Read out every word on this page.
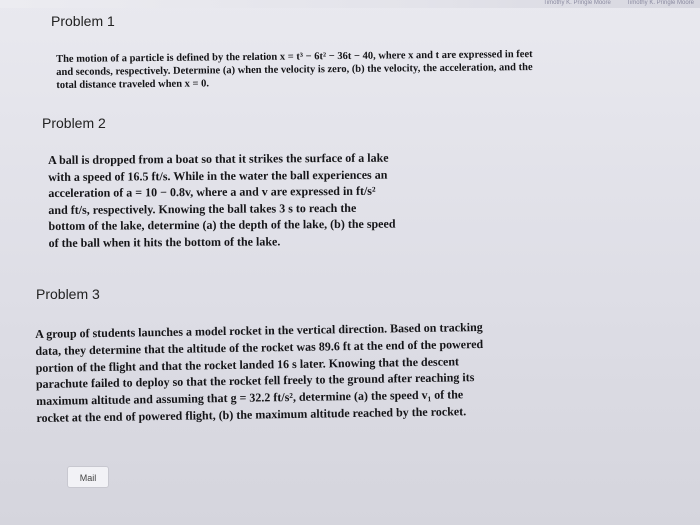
Timothy K. Pringle Moore	Timothy K. Pringle Moore
Problem 1
The motion of a particle is defined by the relation x = t³ − 6t² − 36t − 40, where x and t are expressed in feet
and seconds, respectively. Determine (a) when the velocity is zero, (b) the velocity, the acceleration, and the
total distance traveled when x = 0.
Problem 2
A ball is dropped from a boat so that it strikes the surface of a lake
with a speed of 16.5 ft/s. While in the water the ball experiences an
acceleration of a = 10 − 0.8v, where a and v are expressed in ft/s²
and ft/s, respectively. Knowing the ball takes 3 s to reach the
bottom of the lake, determine (a) the depth of the lake, (b) the speed
of the ball when it hits the bottom of the lake.
Problem 3
A group of students launches a model rocket in the vertical direction. Based on tracking
data, they determine that the altitude of the rocket was 89.6 ft at the end of the powered
portion of the flight and that the rocket landed 16 s later. Knowing that the descent
parachute failed to deploy so that the rocket fell freely to the ground after reaching its
maximum altitude and assuming that g = 32.2 ft/s², determine (a) the speed v₁ of the
rocket at the end of powered flight, (b) the maximum altitude reached by the rocket.
Mail
